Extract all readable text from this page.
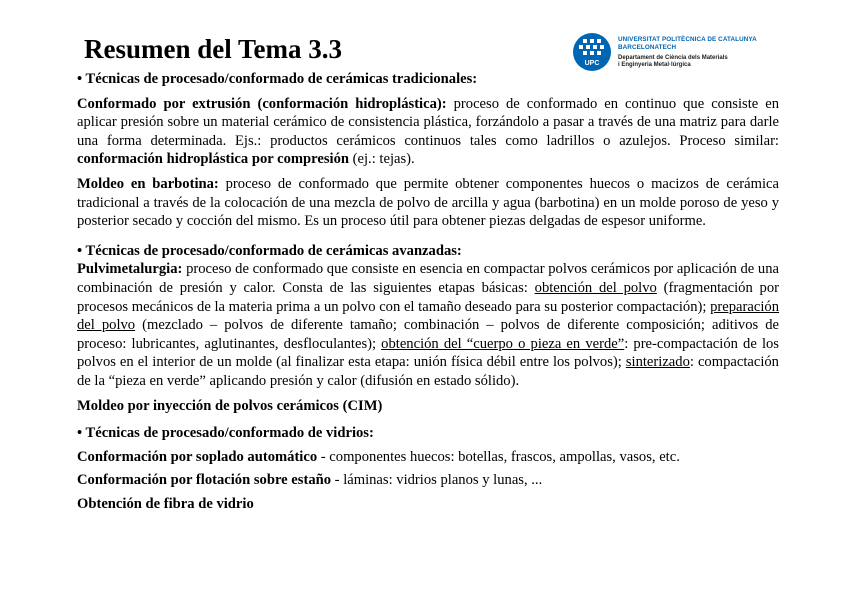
Resumen del Tema 3.3	UPC
UNIVERSITAT POLITÈCNICA DE CATALUNYA
BARCELONATECH
Departament de Ciència dels Materials
i Enginyeria Metal·lúrgica

• Técnicas de procesado/conformado de cerámicas tradicionales:

Conformado por extrusión (conformación hidroplástica): proceso de conformado en continuo que consiste en aplicar presión sobre un material cerámico de consistencia plástica, forzándolo a pasar a través de una matriz para darle una forma determinada. Ejs.: productos cerámicos continuos tales como ladrillos o azulejos. Proceso similar: conformación hidroplástica por compresión (ej.: tejas).

Moldeo en barbotina: proceso de conformado que permite obtener componentes huecos o macizos de cerámica tradicional a través de la colocación de una mezcla de polvo de arcilla y agua (barbotina) en un molde poroso de yeso y posterior secado y cocción del mismo. Es un proceso útil para obtener piezas delgadas de espesor uniforme.

• Técnicas de procesado/conformado de cerámicas avanzadas:

Pulvimetalurgia: proceso de conformado que consiste en esencia en compactar polvos cerámicos por aplicación de una combinación de presión y calor. Consta de las siguientes etapas básicas: obtención del polvo (fragmentación por procesos mecánicos de la materia prima a un polvo con el tamaño deseado para su posterior compactación); preparación del polvo (mezclado – polvos de diferente tamaño; combinación – polvos de diferente composición; aditivos de proceso: lubricantes, aglutinantes, desfloculantes); obtención del “cuerpo o pieza en verde”: pre-compactación de los polvos en el interior de un molde (al finalizar esta etapa: unión física débil entre los polvos); sinterizado: compactación de la “pieza en verde” aplicando presión y calor (difusión en estado sólido).

Moldeo por inyección de polvos cerámicos (CIM)

• Técnicas de procesado/conformado de vidrios:

Conformación por soplado automático - componentes huecos: botellas, frascos, ampollas, vasos, etc.

Conformación por flotación sobre estaño - láminas: vidrios planos y lunas, ...

Obtención de fibra de vidrio
